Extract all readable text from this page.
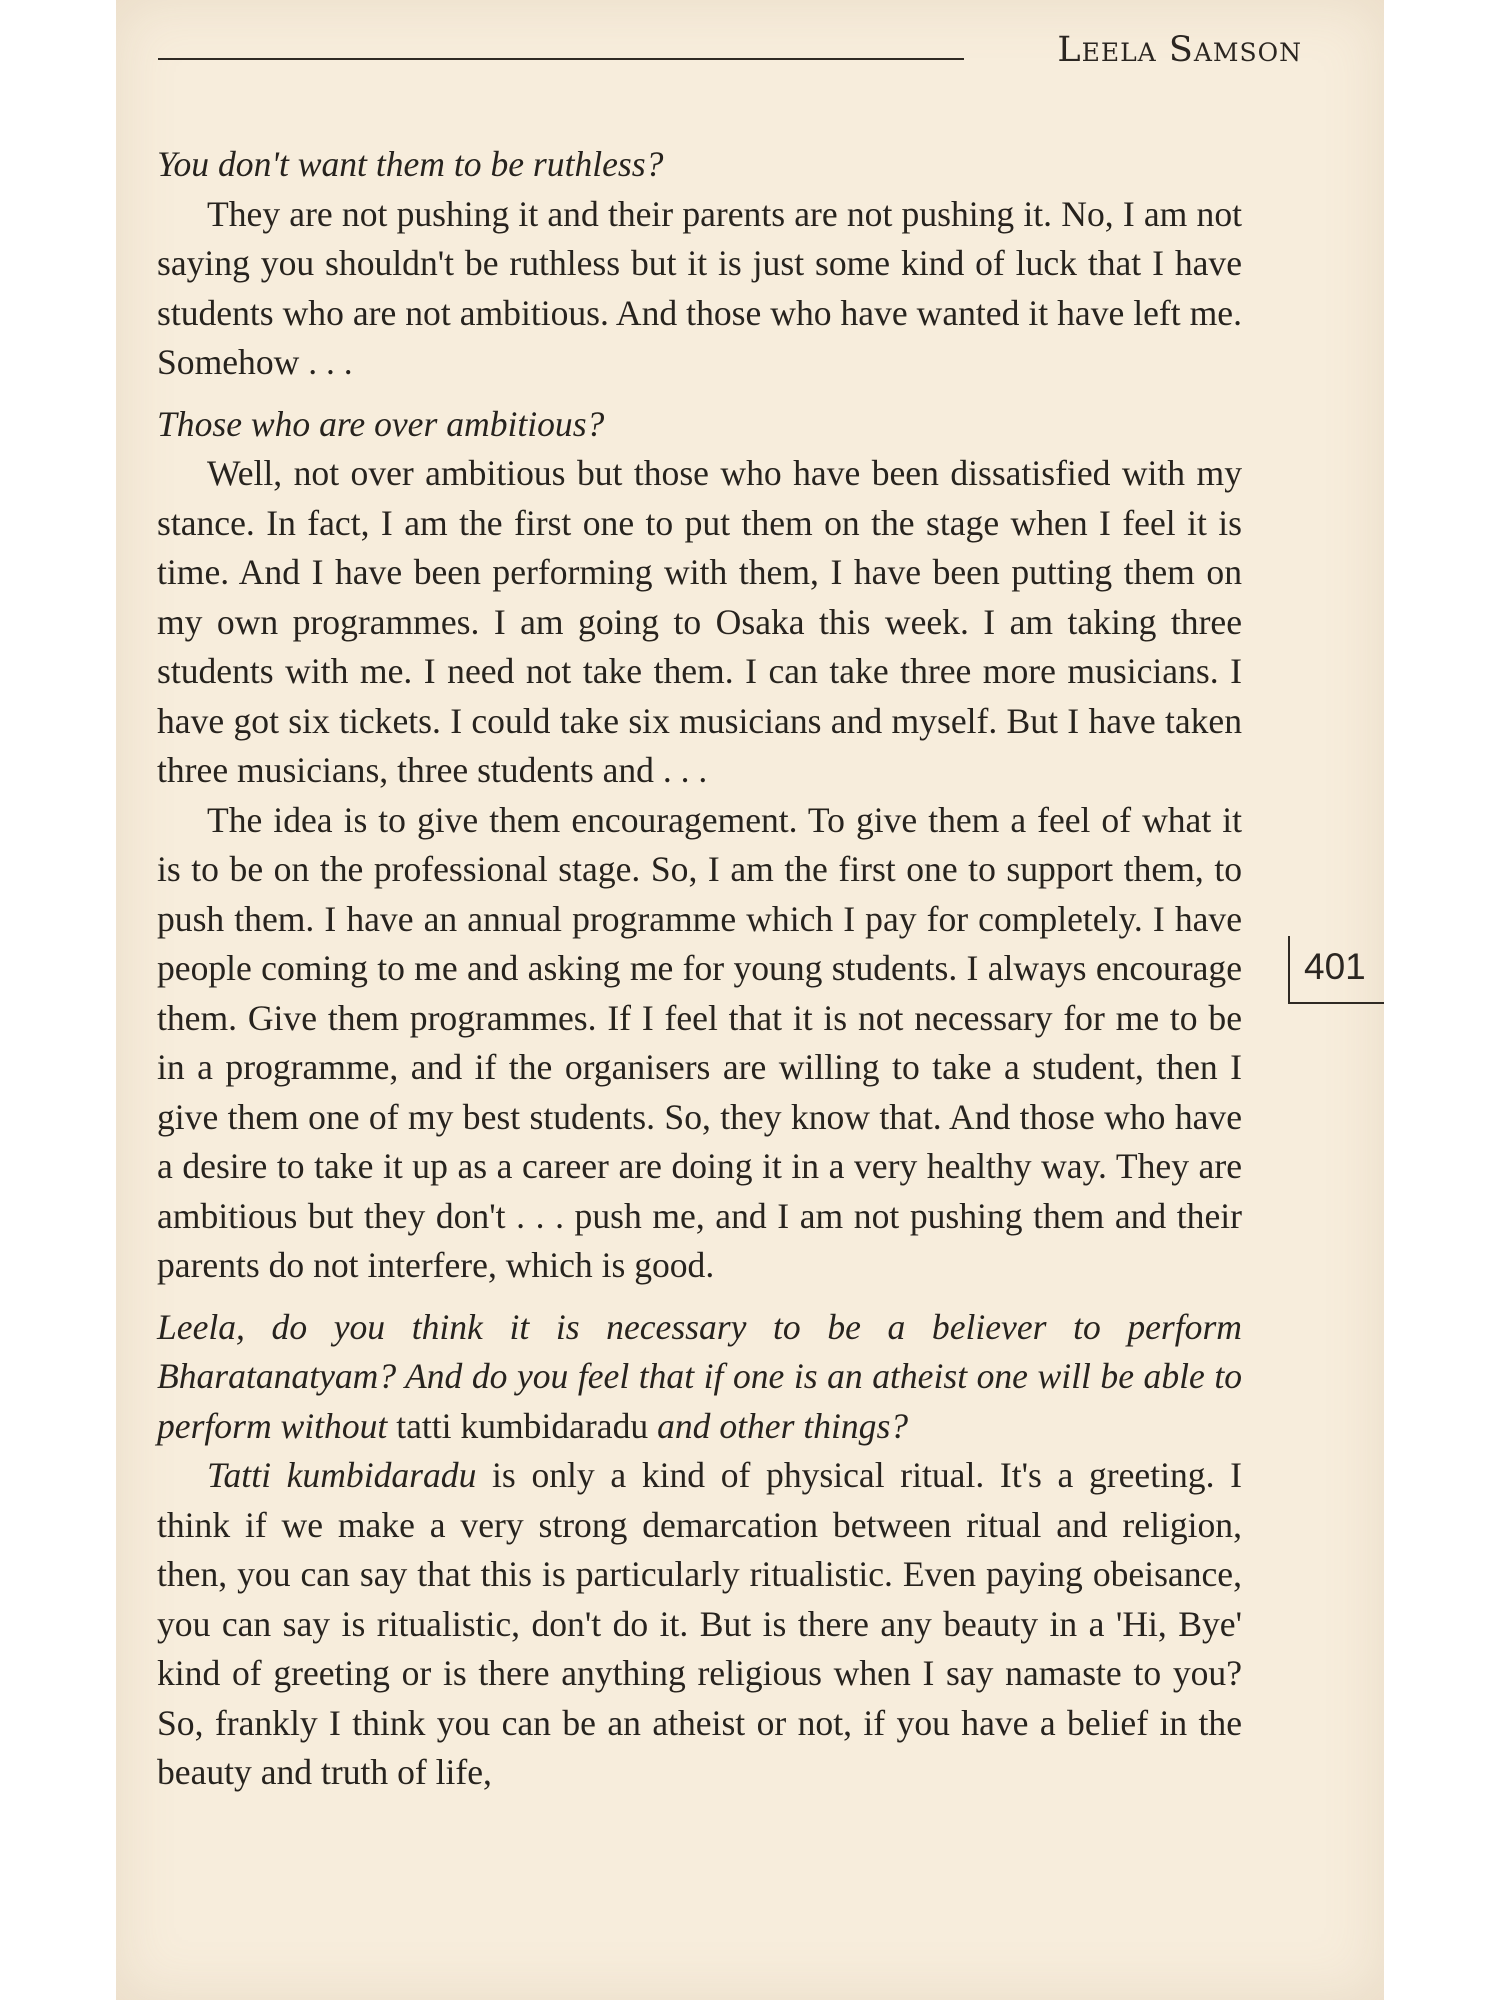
Leela Samson

You don't want them to be ruthless?

They are not pushing it and their parents are not pushing it. No, I am not saying you shouldn't be ruthless but it is just some kind of luck that I have students who are not ambitious. And those who have wanted it have left me. Somehow . . .

Those who are over ambitious?

Well, not over ambitious but those who have been dissatisfied with my stance. In fact, I am the first one to put them on the stage when I feel it is time. And I have been performing with them, I have been putting them on my own programmes. I am going to Osaka this week. I am taking three students with me. I need not take them. I can take three more musicians. I have got six tickets. I could take six musicians and myself. But I have taken three musicians, three students and . . .

The idea is to give them encouragement. To give them a feel of what it is to be on the professional stage. So, I am the first one to support them, to push them. I have an annual programme which I pay for completely. I have people coming to me and asking me for young students. I always encourage them. Give them programmes. If I feel that it is not necessary for me to be in a programme, and if the organisers are willing to take a student, then I give them one of my best students. So, they know that. And those who have a desire to take it up as a career are doing it in a very healthy way. They are ambitious but they don't . . . push me, and I am not pushing them and their parents do not interfere, which is good.

Leela, do you think it is necessary to be a believer to perform Bharatanatyam? And do you feel that if one is an atheist one will be able to perform without tatti kumbidaradu and other things?

Tatti kumbidaradu is only a kind of physical ritual. It's a greeting. I think if we make a very strong demarcation between ritual and religion, then, you can say that this is particularly ritualistic. Even paying obeisance, you can say is ritualistic, don't do it. But is there any beauty in a 'Hi, Bye' kind of greeting or is there anything religious when I say namaste to you? So, frankly I think you can be an atheist or not, if you have a belief in the beauty and truth of life,

401
